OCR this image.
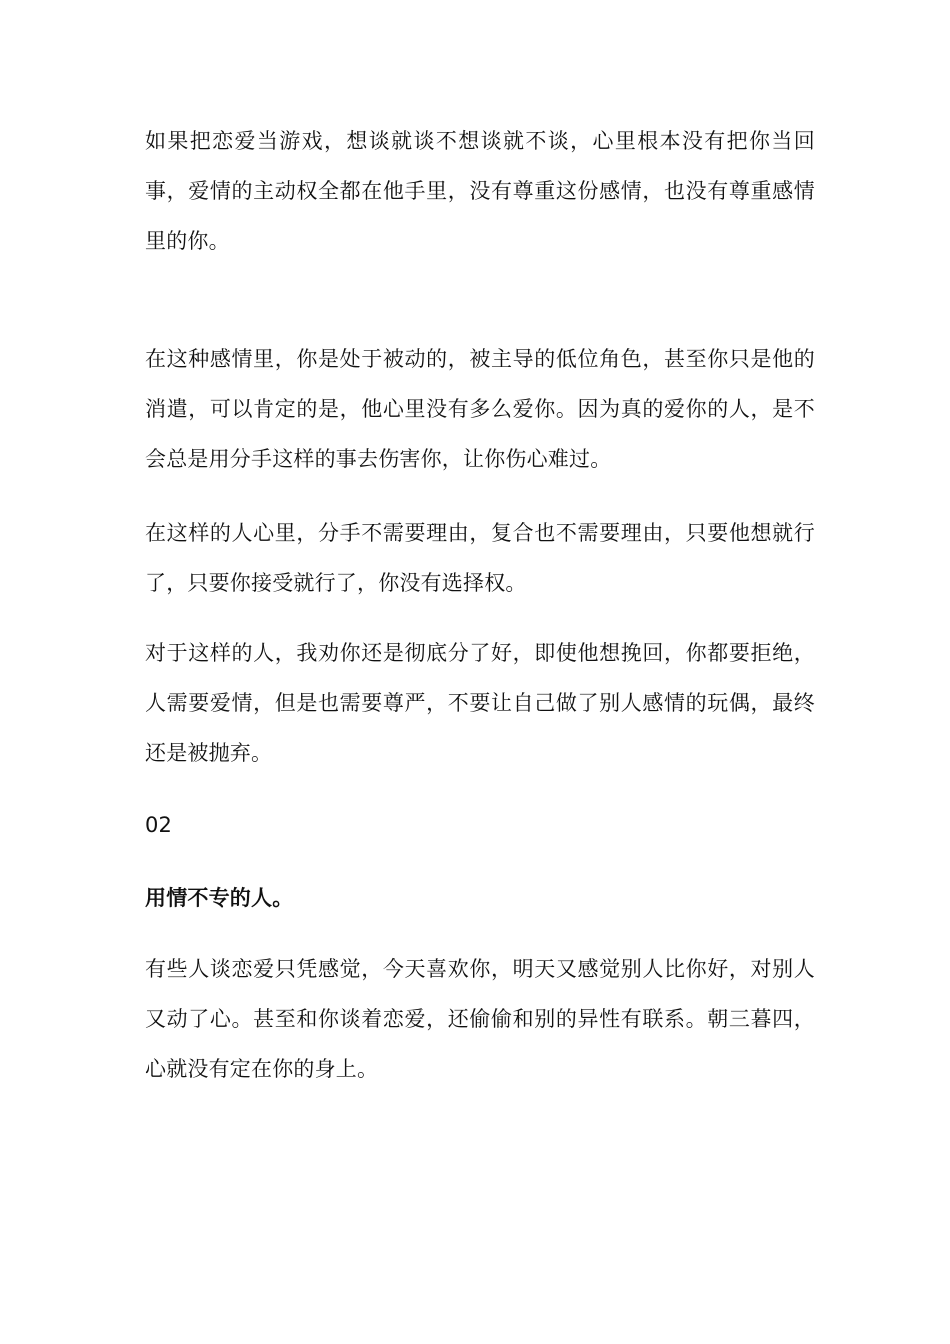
如果把恋爱当游戏，想谈就谈不想谈就不谈，心里根本没有把你当回事，爱情的主动权全都在他手里，没有尊重这份感情，也没有尊重感情里的你。

在这种感情里，你是处于被动的，被主导的低位角色，甚至你只是他的消遣，可以肯定的是，他心里没有多么爱你。因为真的爱你的人，是不会总是用分手这样的事去伤害你，让你伤心难过。

在这样的人心里，分手不需要理由，复合也不需要理由，只要他想就行了，只要你接受就行了，你没有选择权。

对于这样的人，我劝你还是彻底分了好，即使他想挽回，你都要拒绝，人需要爱情，但是也需要尊严，不要让自己做了别人感情的玩偶，最终还是被抛弃。

02

用情不专的人。

有些人谈恋爱只凭感觉，今天喜欢你，明天又感觉别人比你好，对别人又动了心。甚至和你谈着恋爱，还偷偷和别的异性有联系。朝三暮四，心就没有定在你的身上。
